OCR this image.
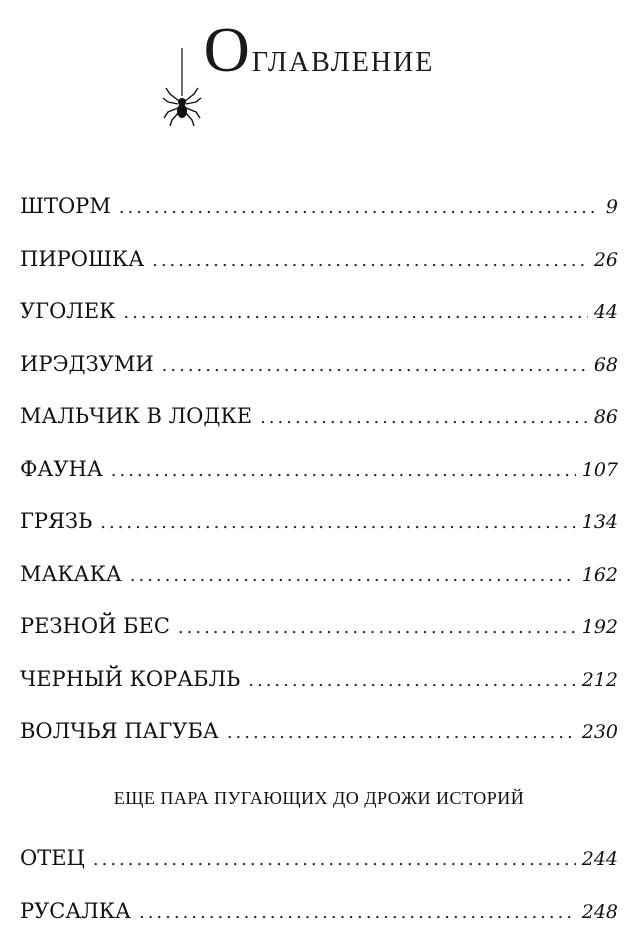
Оглавление
ШТОРМ .....	9
ПИРОШКА .....	26
УГОЛЕК .....	44
ИРЭДЗУМИ .....	68
МАЛЬЧИК В ЛОДКЕ .....	86
ФАУНА .....	107
ГРЯЗЬ .....	134
МАКАКА .....	162
РЕЗНОЙ БЕС .....	192
ЧЕРНЫЙ КОРАБЛЬ .....	212
ВОЛЧЬЯ ПАГУБА .....	230
ЕЩЕ ПАРА ПУГАЮЩИХ ДО ДРОЖИ ИСТОРИЙ
ОТЕЦ .....	244
РУСАЛКА .....	248
